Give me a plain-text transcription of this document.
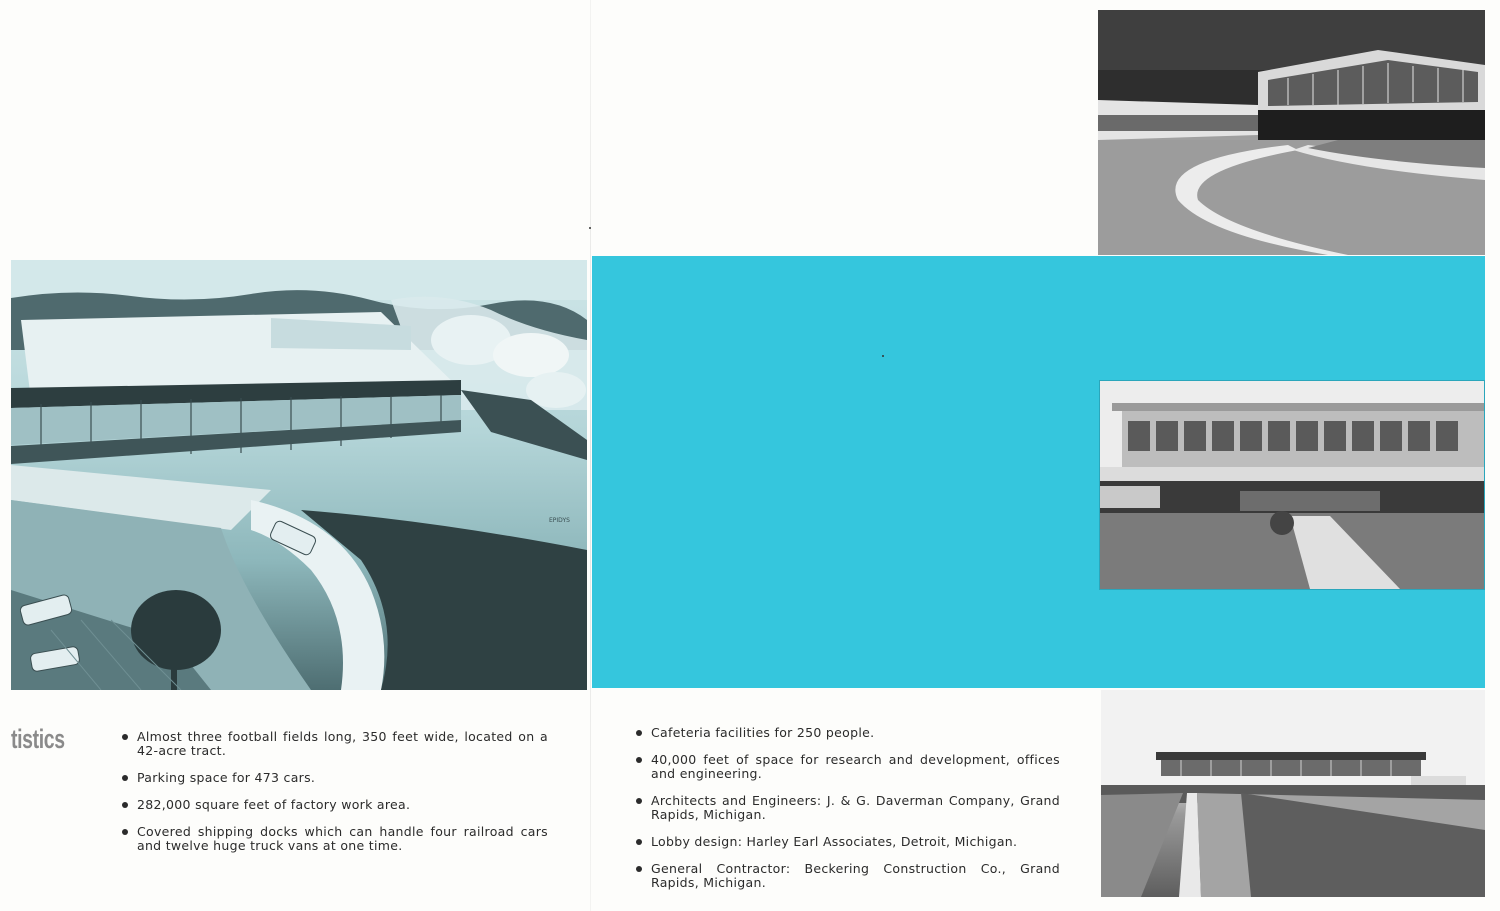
EPIDYS
tistics	Almost three football fields long, 350 feet wide, located on a 42-acre tract.
Parking space for 473 cars.
282,000 square feet of factory work area.
Covered shipping docks which can handle four railroad cars and twelve huge truck vans at one time.
Cafeteria facilities for 250 people.
40,000 feet of space for research and development, offices and engineering.
Architects and Engineers: J. & G. Daverman Company, Grand Rapids, Michigan.
Lobby design: Harley Earl Associates, Detroit, Michigan.
General Contractor: Beckering Construction Co., Grand Rapids, Michigan.
